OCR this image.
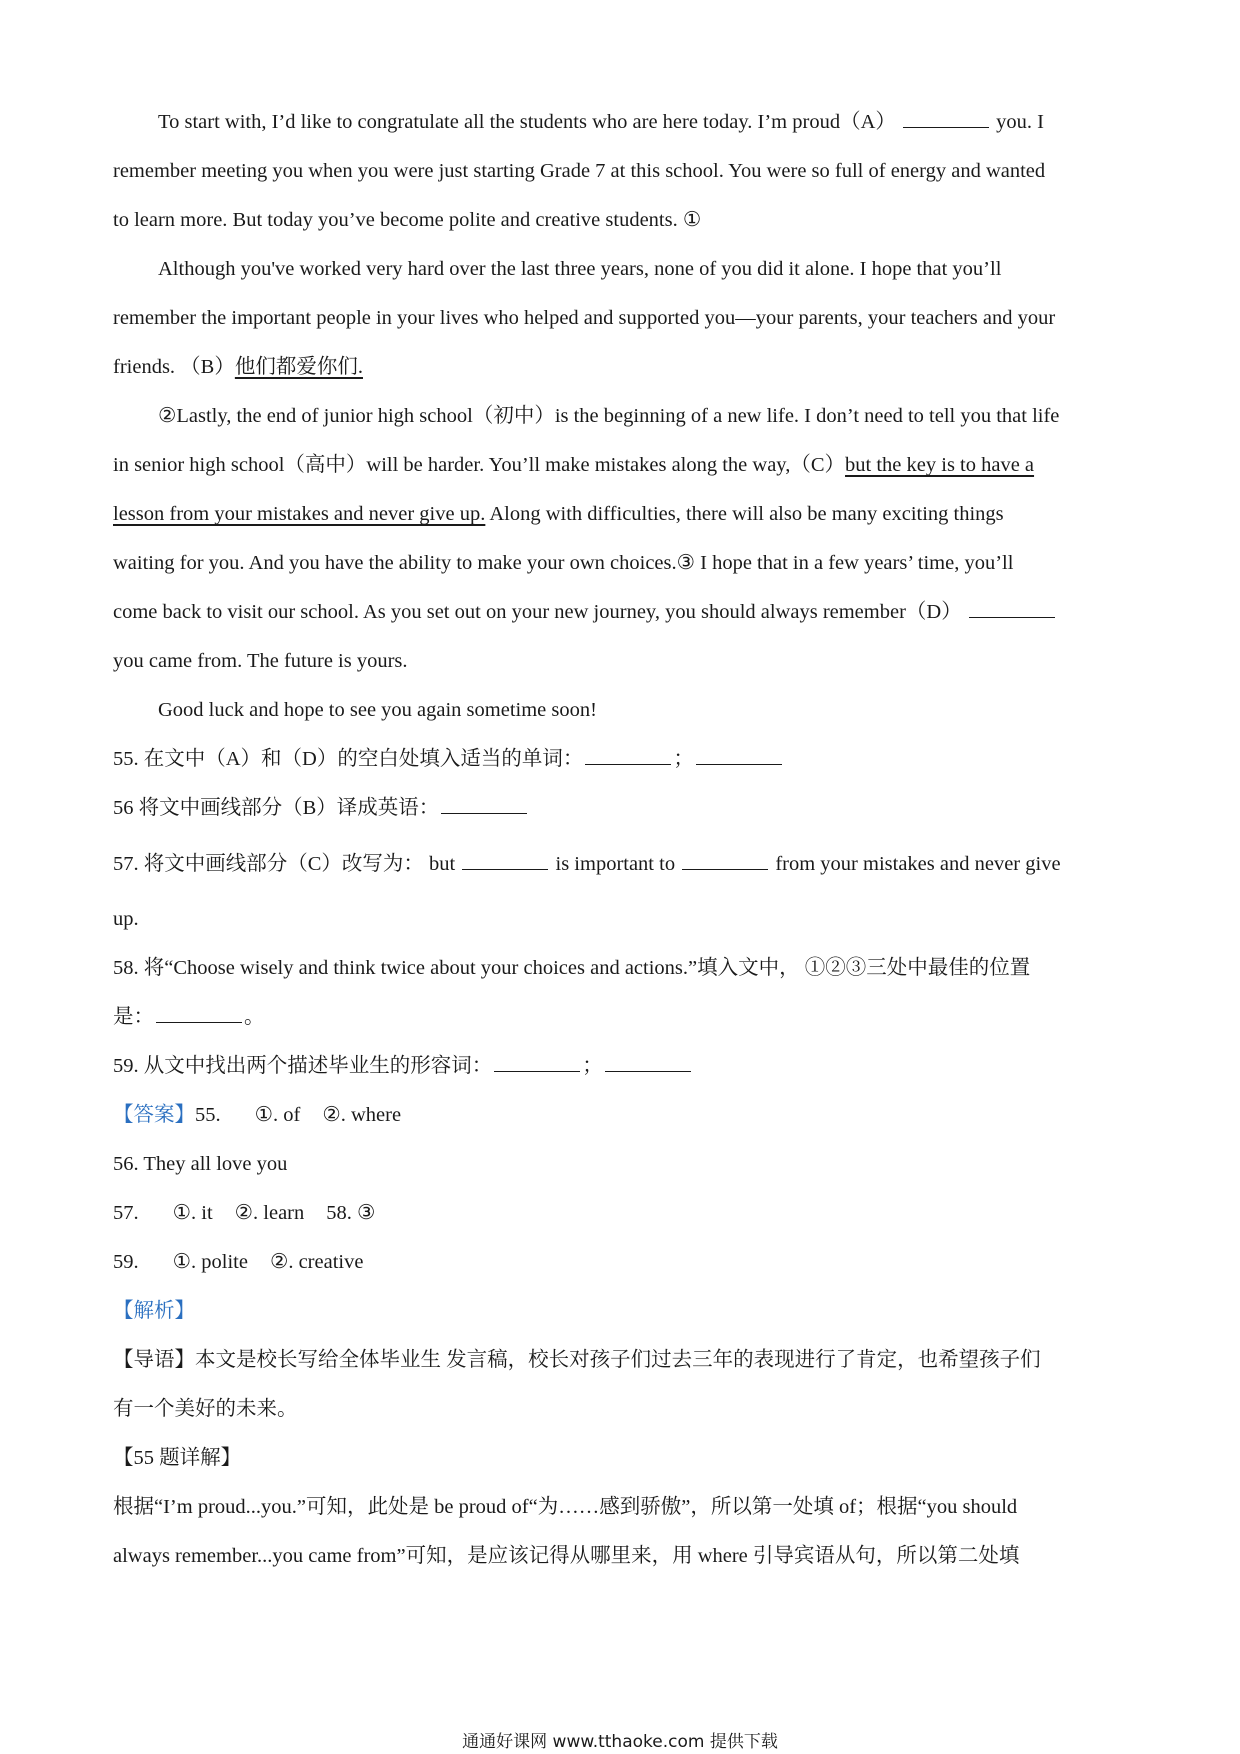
To start with, I’d like to congratulate all the students who are here today. I’m proud（A）	you. I
remember meeting you when you were just starting Grade 7 at this school. You were so full of energy and wanted
to learn more. But today you’ve become polite and creative students. ①
Although you've worked very hard over the last three years, none of you did it alone. I hope that you’ll
remember the important people in your lives who helped and supported you—your parents, your teachers and your
friends. （B）他们都爱你们.
②Lastly, the end of junior high school（初中）is the beginning of a new life. I don’t need to tell you that life
in senior high school（高中）will be harder. You’ll make mistakes along the way,（C）but the key is to have a
lesson from your mistakes and never give up. Along with difficulties, there will also be many exciting things
waiting for you. And you have the ability to make your own choices.③ I hope that in a few years’ time, you’ll
come back to visit our school. As you set out on your new journey, you should always remember（D）
you came from. The future is yours.
Good luck and hope to see you again sometime soon!
55. 在文中（A）和（D）的空白处填入适当的单词：	；
56 将文中画线部分（B）译成英语：
57. 将文中画线部分（C）改写为： but	is important to	from your mistakes and never give
up.
58. 将“Choose wisely and think twice about your choices and actions.”填入文中， ①②③三处中最佳的位置
是：	。
59. 从文中找出两个描述毕业生的形容词：	；
【答案】55. ①. of ②. where
56. They all love you
57. ①. it ②. learn 58. ③
59. ①. polite ②. creative
【解析】
【导语】本文是校长写给全体毕业生 发言稿，校长对孩子们过去三年的表现进行了肯定，也希望孩子们
有一个美好的未来。
【55 题详解】
根据“I’m proud...you.”可知，此处是 be proud of“为……感到骄傲”，所以第一处填 of；根据“you should
always remember...you came from”可知，是应该记得从哪里来，用 where 引导宾语从句，所以第二处填
通通好课网 www.tthaoke.com 提供下载
